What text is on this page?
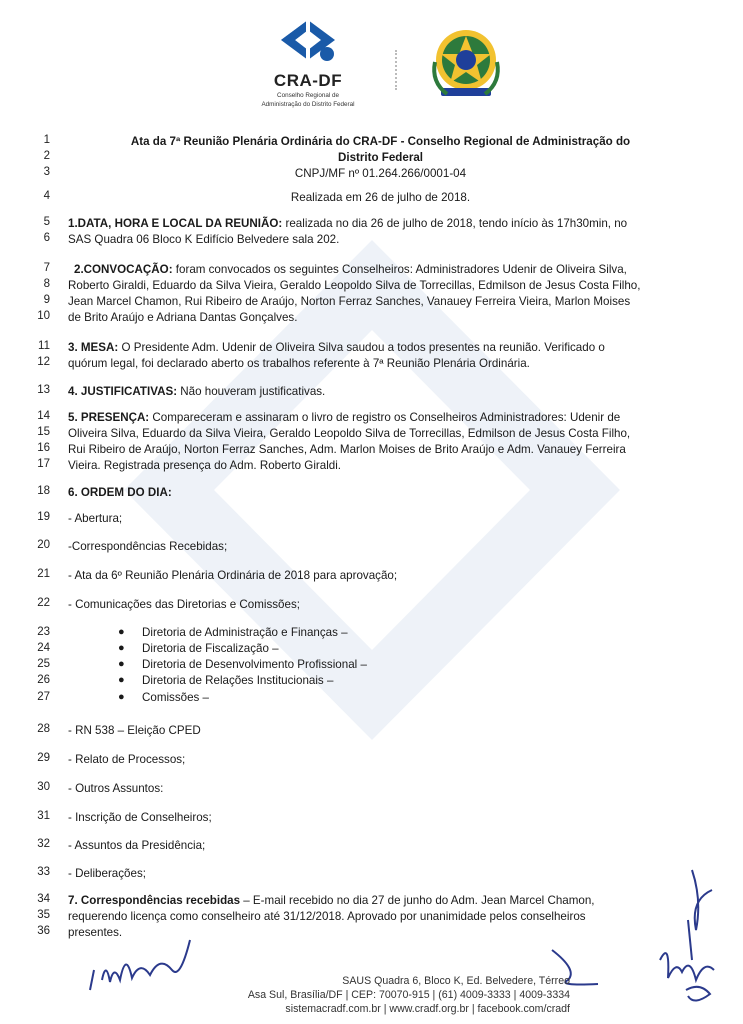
CRA-DF
Conselho Regional de
Administração do Distrito Federal
Ata da 7ª Reunião Plenária Ordinária do CRA-DF - Conselho Regional de Administração do
Distrito Federal
CNPJ/MF nº 01.264.266/0001-04
Realizada em 26 de julho de 2018.
1
2
3
4
5
6
7
8
9
10
11
12
13
14
15
16
17
18
19
20
21
22
23
24
25
26
27
28
29
30
31
32
33
34
35
36
1.DATA, HORA E LOCAL DA REUNIÃO: realizada no dia 26 de julho de 2018, tendo início às 17h30min, no
SAS Quadra 06 Bloco K Edifício Belvedere sala 202.
2.CONVOCAÇÃO: foram convocados os seguintes Conselheiros: Administradores Udenir de Oliveira Silva,
Roberto Giraldi, Eduardo da Silva Vieira, Geraldo Leopoldo Silva de Torrecillas, Edmilson de Jesus Costa Filho,
Jean Marcel Chamon, Rui Ribeiro de Araújo, Norton Ferraz Sanches, Vanauey Ferreira Vieira, Marlon Moises
de Brito Araújo e Adriana Dantas Gonçalves.
3. MESA: O Presidente Adm. Udenir de Oliveira Silva saudou a todos presentes na reunião. Verificado o
quórum legal, foi declarado aberto os trabalhos referente à 7ª Reunião Plenária Ordinária.
4. JUSTIFICATIVAS: Não houveram justificativas.
5. PRESENÇA: Compareceram e assinaram o livro de registro os Conselheiros Administradores: Udenir de
Oliveira Silva, Eduardo da Silva Vieira, Geraldo Leopoldo Silva de Torrecillas, Edmilson de Jesus Costa Filho,
Rui Ribeiro de Araújo, Norton Ferraz Sanches, Adm. Marlon Moises de Brito Araújo e Adm. Vanauey Ferreira
Vieira. Registrada presença do Adm. Roberto Giraldi.
6. ORDEM DO DIA:
- Abertura;
-Correspondências Recebidas;
- Ata da 6º Reunião Plenária Ordinária de 2018 para aprovação;
- Comunicações das Diretorias e Comissões;
● Diretoria de Administração e Finanças –
● Diretoria de Fiscalização –
● Diretoria de Desenvolvimento Profissional –
● Diretoria de Relações Institucionais –
● Comissões –
- RN 538 – Eleição CPED
- Relato de Processos;
- Outros Assuntos:
- Inscrição de Conselheiros;
- Assuntos da Presidência;
- Deliberações;
7. Correspondências recebidas – E-mail recebido no dia 27 de junho do Adm. Jean Marcel Chamon,
requerendo licença como conselheiro até 31/12/2018. Aprovado por unanimidade pelos conselheiros
presentes.
SAUS Quadra 6, Bloco K, Ed. Belvedere, Térreo
Asa Sul, Brasília/DF | CEP: 70070-915 | (61) 4009-3333 | 4009-3334
sistemacradf.com.br | www.cradf.org.br | facebook.com/cradf
